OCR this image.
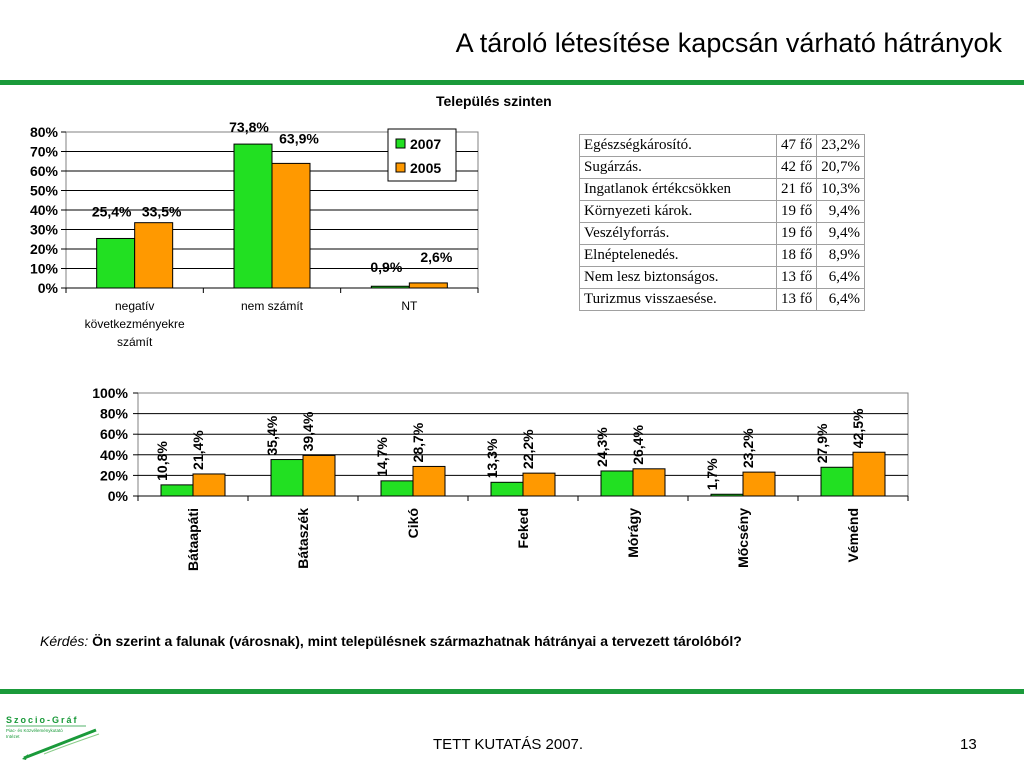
A tároló létesítése kapcsán várható hátrányok
Település szinten
0%
10%
20%
30%
40%
50%
60%
70%
80%
25,4% 33,5%
negatív következményekre számít
73,8%
63,9%
nem számít
0,9%
2,6%
NT
2007
2005
Egészségkárosító.	47 fő	23,2%
Sugárzás.	42 fő	20,7%
Ingatlanok értékcsökken	21 fő	10,3%
Környezeti károk.	19 fő	9,4%
Veszélyforrás.	19 fő	9,4%
Elnéptelenedés.	18 fő	8,9%
Nem lesz biztonságos.	13 fő	6,4%
Turizmus visszaesése.	13 fő	6,4%
0%
20%
40%
60%
80%
100%
10,8% 21,4%
Bátaapáti
35,4% 39,4%
Bátaszék
14,7% 28,7%
Cikó
13,3% 22,2%
Feked
24,3% 26,4%
Mórágy
1,7%
23,2%
Mőcsény
27,9% 42,5%
Véménd
Kérdés: Ön szerint a falunak (városnak), mint településnek származhatnak hátrányai a tervezett tárolóból?
Szocio-Gráf
Piac- és Közvéleménykutató
Intézet	TETT KUTATÁS 2007.	13
